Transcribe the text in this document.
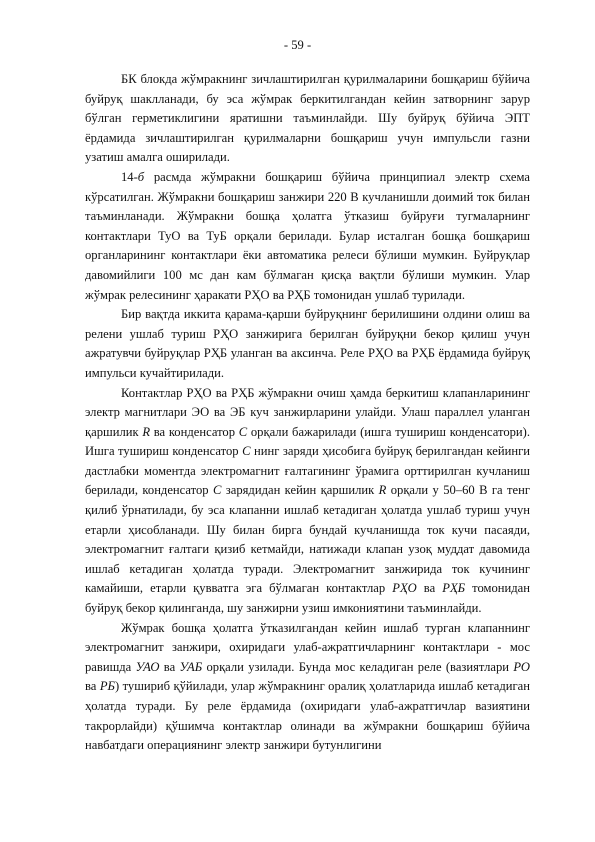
- 59 -

БК блокда жўмракнинг зичлаштирилган қурилмаларини бошқариш бўйича буйруқ шаклланади, бу эса жўмрак беркитилгандан кейин затворнинг зарур бўлган герметиклигини яратишни таъминлайди. Шу буйруқ бўйича ЭПТ ёрдамида зичлаштирилган қурилмаларни бошқариш учун импульсли газни узатиш амалга оширилади.

14-б расмда жўмракни бошқариш бўйича принципиал электр схема кўрсатилган. Жўмракни бошқариш занжири 220 В кучланишли доимий ток билан таъминланади. Жўмракни бошқа ҳолатга ўтказиш буйруғи тугмаларнинг контактлари ТуО ва ТуБ орқали берилади. Булар исталган бошқа бошқариш органларининг контактлари ёки автоматика релеси бўлиши мумкин. Буйруқлар давомийлиги 100 мс дан кам бўлмаган қисқа вақтли бўлиши мумкин. Улар жўмрак релесининг ҳаракати РҲО ва РҲБ томонидан ушлаб турилади.

Бир вақтда иккита қарама-қарши буйруқнинг берилишини олдини олиш ва релени ушлаб туриш РҲО занжирига берилган буйруқни бекор қилиш учун ажратувчи буйруқлар РҲБ уланган ва аксинча. Реле РҲО ва РҲБ ёрдамида буйруқ импульси кучайтирилади.

Контактлар РҲО ва РҲБ жўмракни очиш ҳамда беркитиш клапанларининг электр магнитлари ЭО ва ЭБ куч занжирларини улайди. Улаш параллел уланган қаршилик R ва конденсатор C орқали бажарилади (ишга тушириш конденсатори). Ишга тушириш конденсатор C нинг заряди ҳисобига буйруқ берилгандан кейинги дастлабки моментда электромагнит ғалтагининг ўрамига орттирилган кучланиш берилади, конденсатор C зарядидан кейин қаршилик R орқали у 50–60 В га тенг қилиб ўрнатилади, бу эса клапанни ишлаб кетадиган ҳолатда ушлаб туриш учун етарли ҳисобланади. Шу билан бирга бундай кучланишда ток кучи пасаяди, электромагнит ғалтаги қизиб кетмайди, натижади клапан узоқ муддат давомида ишлаб кетадиган ҳолатда туради. Электромагнит занжирида ток кучининг камайиши, етарли қувватга эга бўлмаган контактлар РҲО ва РҲБ томонидан буйруқ бекор қилинганда, шу занжирни узиш имкониятини таъминлайди.

Жўмрак бошқа ҳолатга ўтказилгандан кейин ишлаб турган клапаннинг электромагнит занжири, охиридаги улаб-ажратгичларнинг контактлари - мос равишда УАО ва УАБ орқали узилади. Бунда мос келадиган реле (вазиятлари РО ва РБ) тушириб қўйилади, улар жўмракнинг оралиқ ҳолатларида ишлаб кетадиган ҳолатда туради. Бу реле ёрдамида (охиридаги улаб-ажратгичлар вазиятини такрорлайди) қўшимча контактлар олинади ва жўмракни бошқариш бўйича навбатдаги операциянинг электр занжири бутунлигини
